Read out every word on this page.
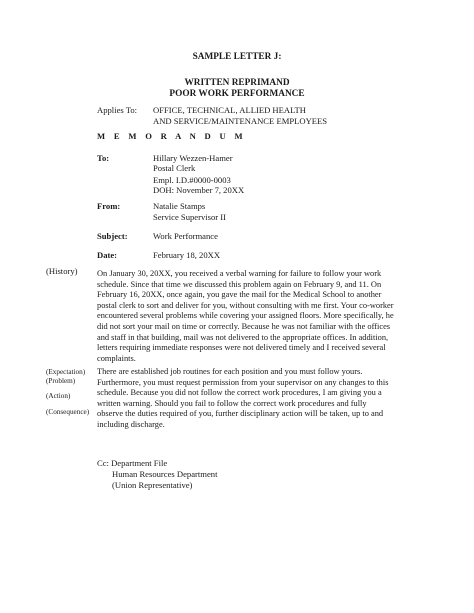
SAMPLE LETTER J:
WRITTEN REPRIMAND
POOR WORK PERFORMANCE
Applies To: OFFICE, TECHNICAL, ALLIED HEALTH
AND SERVICE/MAINTENANCE EMPLOYEES
M E M O R A N D U M
To:	Hillary Wezzen-Hamer
Postal Clerk
Empl. I.D.#0000-0003
DOH: November 7, 20XX
From:	Natalie Stamps
Service Supervisor II
Subject:	Work Performance
Date:	February 18, 20XX
(History)
(Expectation)
(Problem)
(Action)
(Consequence)
On January 30, 20XX, you received a verbal warning for failure to follow your work
schedule. Since that time we discussed this problem again on February 9, and 11. On
February 16, 20XX, once again, you gave the mail for the Medical School to another
postal clerk to sort and deliver for you, without consulting with me first. Your co-worker
encountered several problems while covering your assigned floors. More specifically, he
did not sort your mail on time or correctly. Because he was not familiar with the offices
and staff in that building, mail was not delivered to the appropriate offices. In addition,
letters requiring immediate responses were not delivered timely and I received several
complaints.
There are established job routines for each position and you must follow yours.
Furthermore, you must request permission from your supervisor on any changes to this
schedule. Because you did not follow the correct work procedures, I am giving you a
written warning. Should you fail to follow the correct work procedures and fully
observe the duties required of you, further disciplinary action will be taken, up to and
including discharge.
Cc: Department File
Human Resources Department
(Union Representative)
